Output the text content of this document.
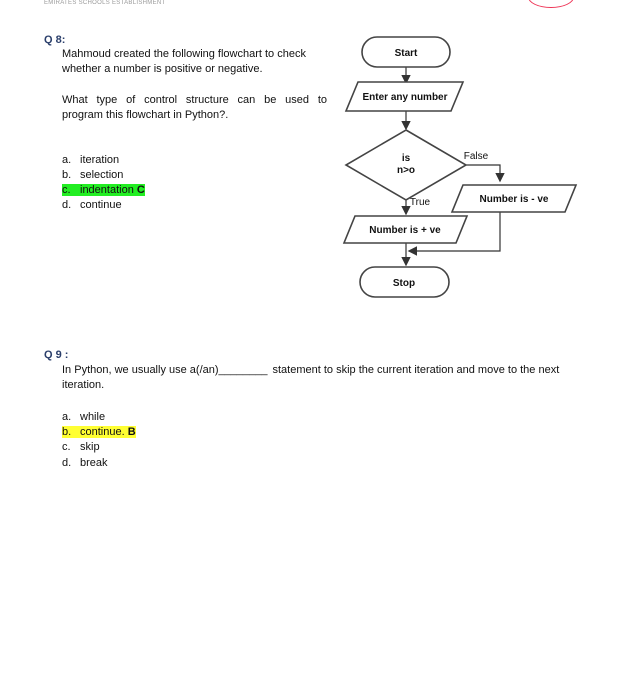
EMIRATES SCHOOLS ESTABLISHMENT
Q 8:
Mahmoud created the following flowchart to check
whether a number is positive or negative.
What type of control structure can be used to
program this flowchart in Python?.
a. iteration
b. selection
c. indentation C
d. continue
Start
Enter any number
is
n>o
False
True	Number is - ve
Number is + ve
Stop
Q 9 :
In Python, we usually use a(/an)________ statement to skip the current iteration and move to the next
iteration.
a. while
b. continue. B
c. skip
d. break
